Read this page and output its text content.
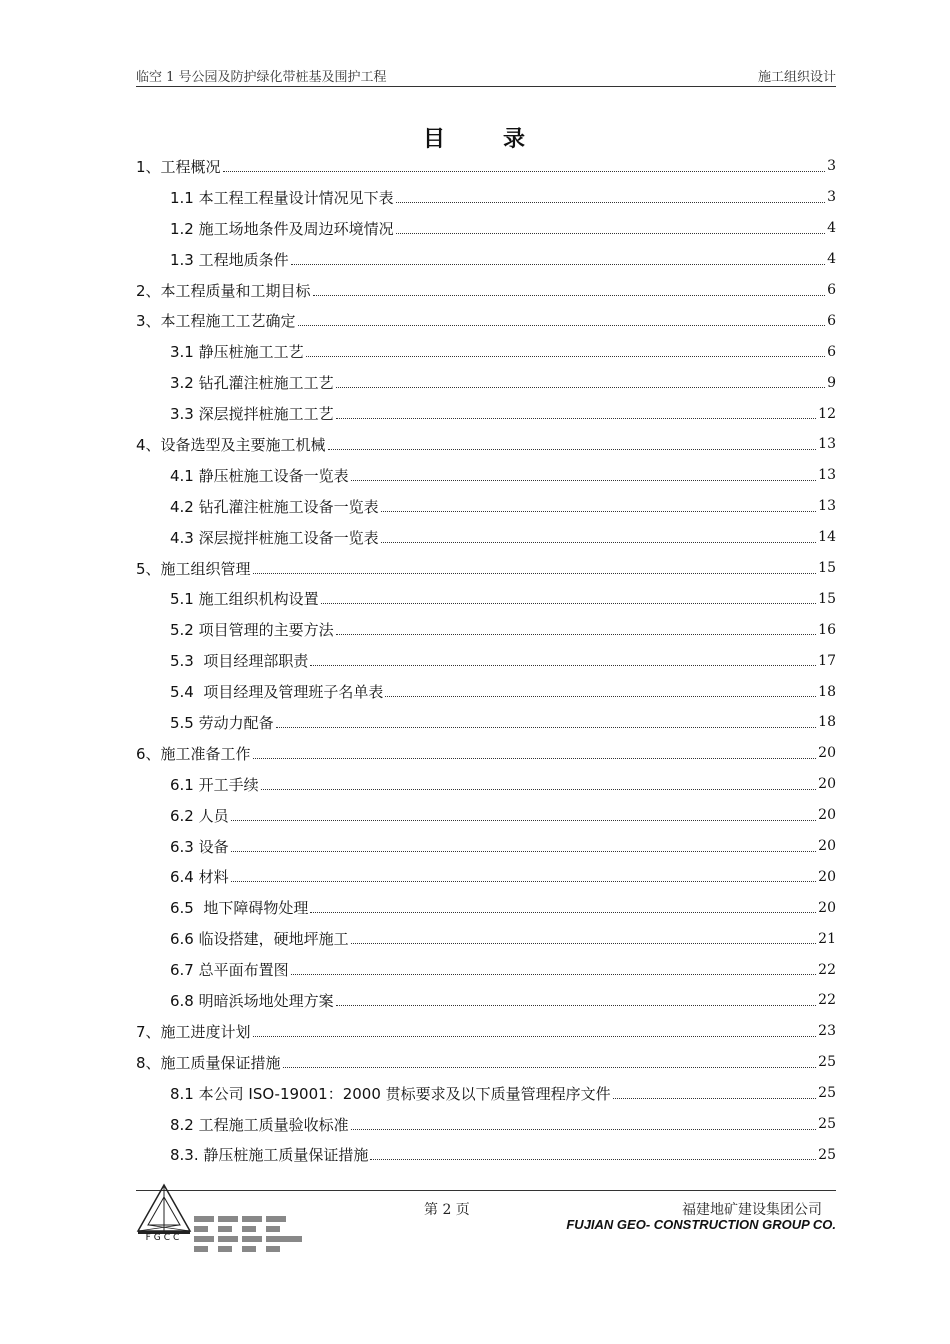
临空 1 号公园及防护绿化带桩基及围护工程	施工组织设计
目	录
1、工程概况	3
1.1 本工程工程量设计情况见下表	3
1.2 施工场地条件及周边环境情况	4
1.3 工程地质条件	4
2、本工程质量和工期目标	6
3、本工程施工工艺确定	6
3.1 静压桩施工工艺	6
3.2 钻孔灌注桩施工工艺	9
3.3 深层搅拌桩施工工艺	12
4、设备选型及主要施工机械	13
4.1 静压桩施工设备一览表	13
4.2 钻孔灌注桩施工设备一览表	13
4.3 深层搅拌桩施工设备一览表	14
5、施工组织管理	15
5.1 施工组织机构设置	15
5.2 项目管理的主要方法	16
5.3  项目经理部职责	17
5.4  项目经理及管理班子名单表	18
5.5 劳动力配备	18
6、施工准备工作	20
6.1 开工手续	20
6.2 人员	20
6.3 设备	20
6.4 材料	20
6.5  地下障碍物处理	20
6.6 临设搭建，硬地坪施工	21
6.7 总平面布置图	22
6.8 明暗浜场地处理方案	22
7、施工进度计划	23
8、施工质量保证措施	25
8.1 本公司 ISO-19001：2000 贯标要求及以下质量管理程序文件	25
8.2 工程施工质量验收标准	25
8.3. 静压桩施工质量保证措施	25
FGCC
第 2 页	福建地矿建设集团公司
FUJIAN GEO- CONSTRUCTION GROUP CO.
